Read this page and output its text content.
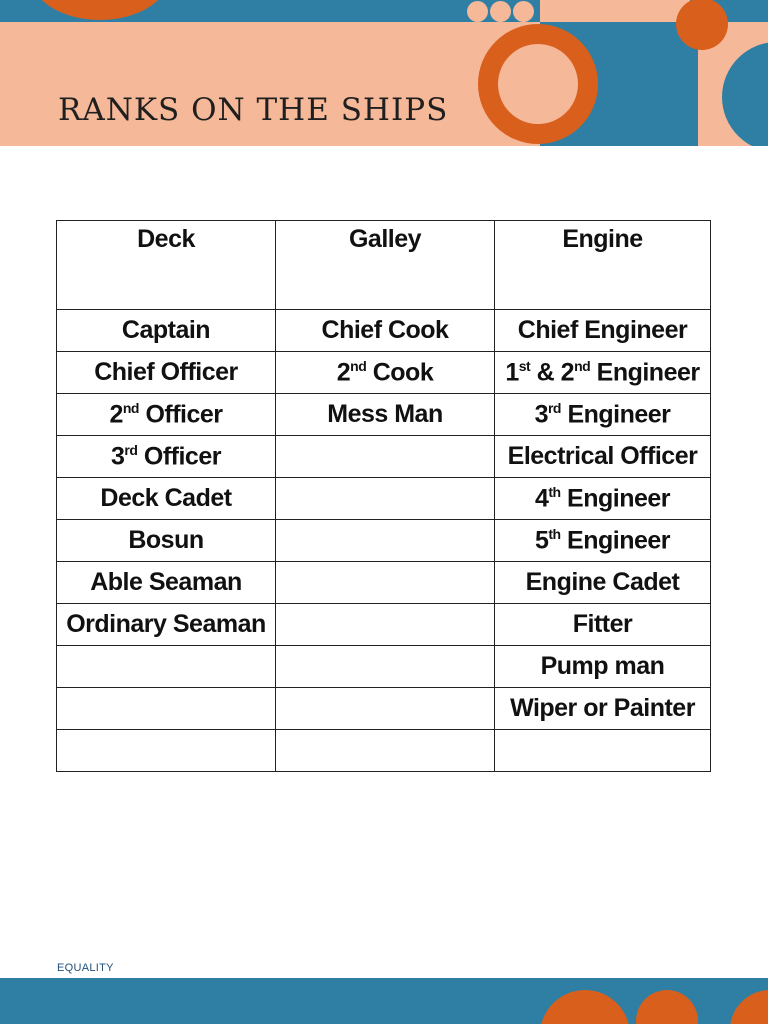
RANKS ON THE SHIPS
Deck	Galley	Engine
Captain	Chief Cook	Chief Engineer
Chief Officer	2nd Cook	1st & 2nd Engineer
2nd Officer	Mess Man	3rd Engineer
3rd Officer		Electrical Officer
Deck Cadet		4th Engineer
Bosun		5th Engineer
Able Seaman		Engine Cadet
Ordinary Seaman		Fitter
		Pump man
		Wiper or Painter

EQUALITY
